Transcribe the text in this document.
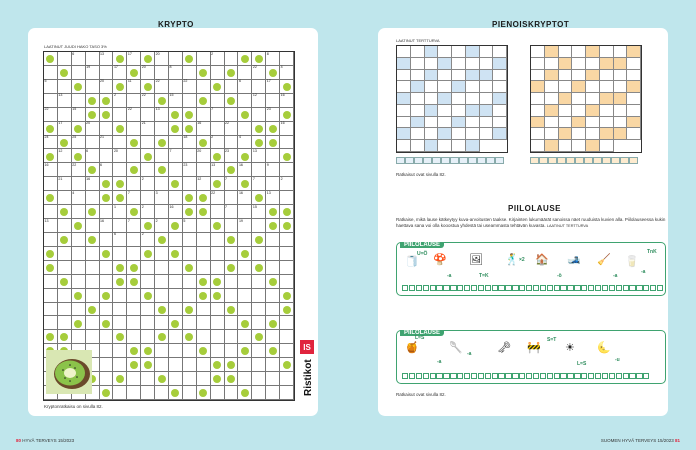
KRYPTO
LAATINUT JUUDI HAKO TASO 3%
6	13	17	20	2	8
19	17	20	8	22	4
5	20	11	22	22	6	17
13	2	22	15	12	16
22	15	22	13	7	23
17	20	21	16	22	16
24	25	21	18	2	4
12	6	20	7	20	23	13
16	22	6	23	13	16	9
21	16	2	12	7	7	2
4	7	3	22	16	13
1	2	16	7	15
13	16	7	2	5	19
6	2
IS
Ristikot
Kryptonratkaisu on sivulla 82.
80 HYVÄ TERVEYS 15/2023
PIENOISKRYPTOT
LAATINUT TERTTURVA
Ratkaisut ovat sivulla 82.
PIILOLAUSE
Ratkaise, mikä lause kätkeytyy kuva-arvoitusten taakse. Kirjainten lukumäärät sanoissa näet ruuduista kuvien alla. Piilolauseessa kukin haettava sana voi olla kooostua yhdestä tai useammasta tehtävän kuvasta. LAATINUT TERTTURVA
PIILOLAUSE
🧻 🍄 🖼 🕺 🏠 🎿 🧹 🥛
U=Ö
-a	T=K
×2
TnK
-ö	-a
-a
PIILOLAUSE
🍯	🥄	🗝 🚧 ☀ 🌜
L=S
-a
-a
S=T
L=S
-u
Ratkaisut ovat sivulla 82.
SUOMEN HYVÄ TERVEYS 15/2023 81
